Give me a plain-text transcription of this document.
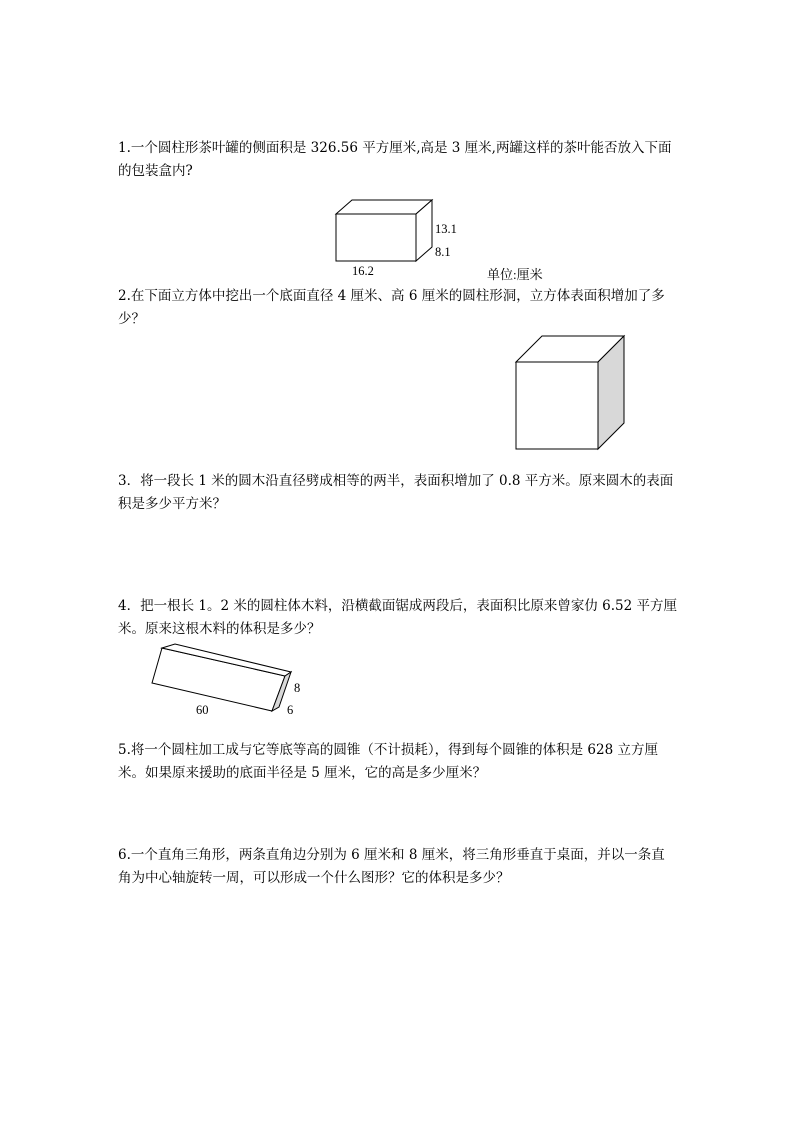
1.一个圆柱形茶叶罐的侧面积是 326.56 平方厘米,高是 3 厘米,两罐这样的茶叶能否放入下面的包装盒内?
13.1
8.1
16.2	单位:厘米
2.在下面立方体中挖出一个底面直径 4 厘米、高 6 厘米的圆柱形洞，立方体表面积增加了多少？
3．将一段长 1 米的圆木沿直径劈成相等的两半，表面积增加了 0.8 平方米。原来圆木的表面积是多少平方米？
4．把一根长 1。2 米的圆柱体木料，沿横截面锯成两段后，表面积比原来曾家仂 6.52 平方厘米。原来这根木料的体积是多少？
8
6
60
5.将一个圆柱加工成与它等底等高的圆锥（不计损耗），得到每个圆锥的体积是 628 立方厘米。如果原来援助的底面半径是 5 厘米，它的高是多少厘米？
6.一个直角三角形，两条直角边分别为 6 厘米和 8 厘米，将三角形垂直于桌面，并以一条直角为中心轴旋转一周，可以形成一个什么图形？它的体积是多少？
